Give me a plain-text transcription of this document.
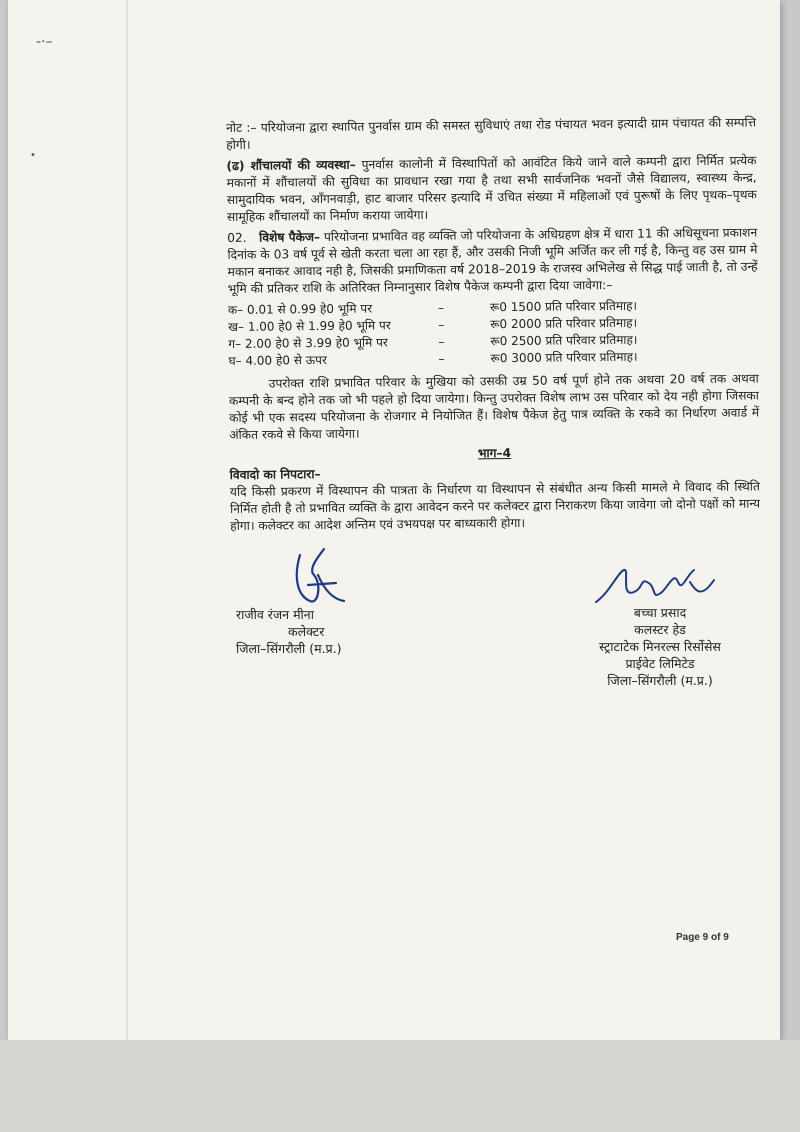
-·–
•

नोट :– परियोजना द्वारा स्थापित पुनर्वास ग्राम की समस्त सुविधाएं तथा रोड पंचायत भवन इत्यादी ग्राम पंचायत की सम्पत्ति होगी।

(ढ) शौंचालयों की व्यवस्था– पुनर्वास कालोनी में विस्थापितों को आवंटित किये जाने वाले कम्पनी द्वारा निर्मित प्रत्येक मकानों में शौंचालयों की सुविधा का प्रावधान रखा गया है तथा सभी सार्वजनिक भवनों जैसे विद्यालय, स्वास्थ्य केन्द्र, सामुदायिक भवन, आँगनवाड़ी, हाट बाजार परिसर इत्यादि में उचित संख्या में महिलाओं एवं पुरूषों के लिए पृथक–पृथक सामूहिक शौंचालयों का निर्माण कराया जायेगा।

02. विशेष पैकेज– परियोजना प्रभावित वह व्यक्ति जो परियोजना के अधिग्रहण क्षेत्र में धारा 11 की अधिसूचना प्रकाशन दिनांक के 03 वर्ष पूर्व से खेती करता चला आ रहा हैं, और उसकी निजी भूमि अर्जित कर ली गई है, किन्तु वह उस ग्राम मे मकान बनाकर आवाद नही है, जिसकी प्रमाणिकता वर्ष 2018–2019 के राजस्व अभिलेख से सिद्ध पाई जाती है, तो उन्हें भूमि की प्रतिकर राशि के अतिरिक्त निम्नानुसार विशेष पैकेज कम्पनी द्वारा दिया जावेगा:–

क– 0.01 से 0.99 हे0 भूमि पर	–	रू0 1500 प्रति परिवार प्रतिमाह।
ख– 1.00 हे0 से 1.99 हे0 भूमि पर	–	रू0 2000 प्रति परिवार प्रतिमाह।
ग– 2.00 हे0 से 3.99 हे0 भूमि पर	–	रू0 2500 प्रति परिवार प्रतिमाह।
घ– 4.00 हे0 से ऊपर	–	रू0 3000 प्रति परिवार प्रतिमाह।

उपरोक्त राशि प्रभावित परिवार के मुखिया को उसकी उम्र 50 वर्ष पूर्ण होने तक अथवा 20 वर्ष तक अथवा कम्पनी के बन्द होने तक जो भी पहले हो दिया जायेगा। किन्तु उपरोक्त विशेष लाभ उस परिवार को देय नही होगा जिसका कोई भी एक सदस्य परियोजना के रोजगार मे नियोजित हैं। विशेष पैकेज हेतु पात्र व्यक्ति के रकवे का निर्धारण अवार्ड में अंकित रकवे से किया जायेगा।

भाग–4

विवादो का निपटारा–

यदि किसी प्रकरण में विस्थापन की पात्रता के निर्धारण या विस्थापन से संबंधीत अन्य किसी मामले मे विवाद की स्थिति निर्मित होती है तो प्रभावित व्यक्ति के द्वारा आवेदन करने पर कलेक्टर द्वारा निराकरण किया जावेगा जो दोनो पक्षों को मान्य होगा। कलेक्टर का आदेश अन्तिम एवं उभयपक्ष पर बाध्यकारी होगा।

राजीव रंजन मीना
कलेक्टर
जिला–सिंगरौली (म.प्र.)
बच्चा प्रसाद
कलस्टर हेड
स्ट्राटाटेक मिनरल्स रिर्सोसेस
प्राईवेट लिमिटेड
जिला–सिंगरौली (म.प्र.)
Page 9 of 9
